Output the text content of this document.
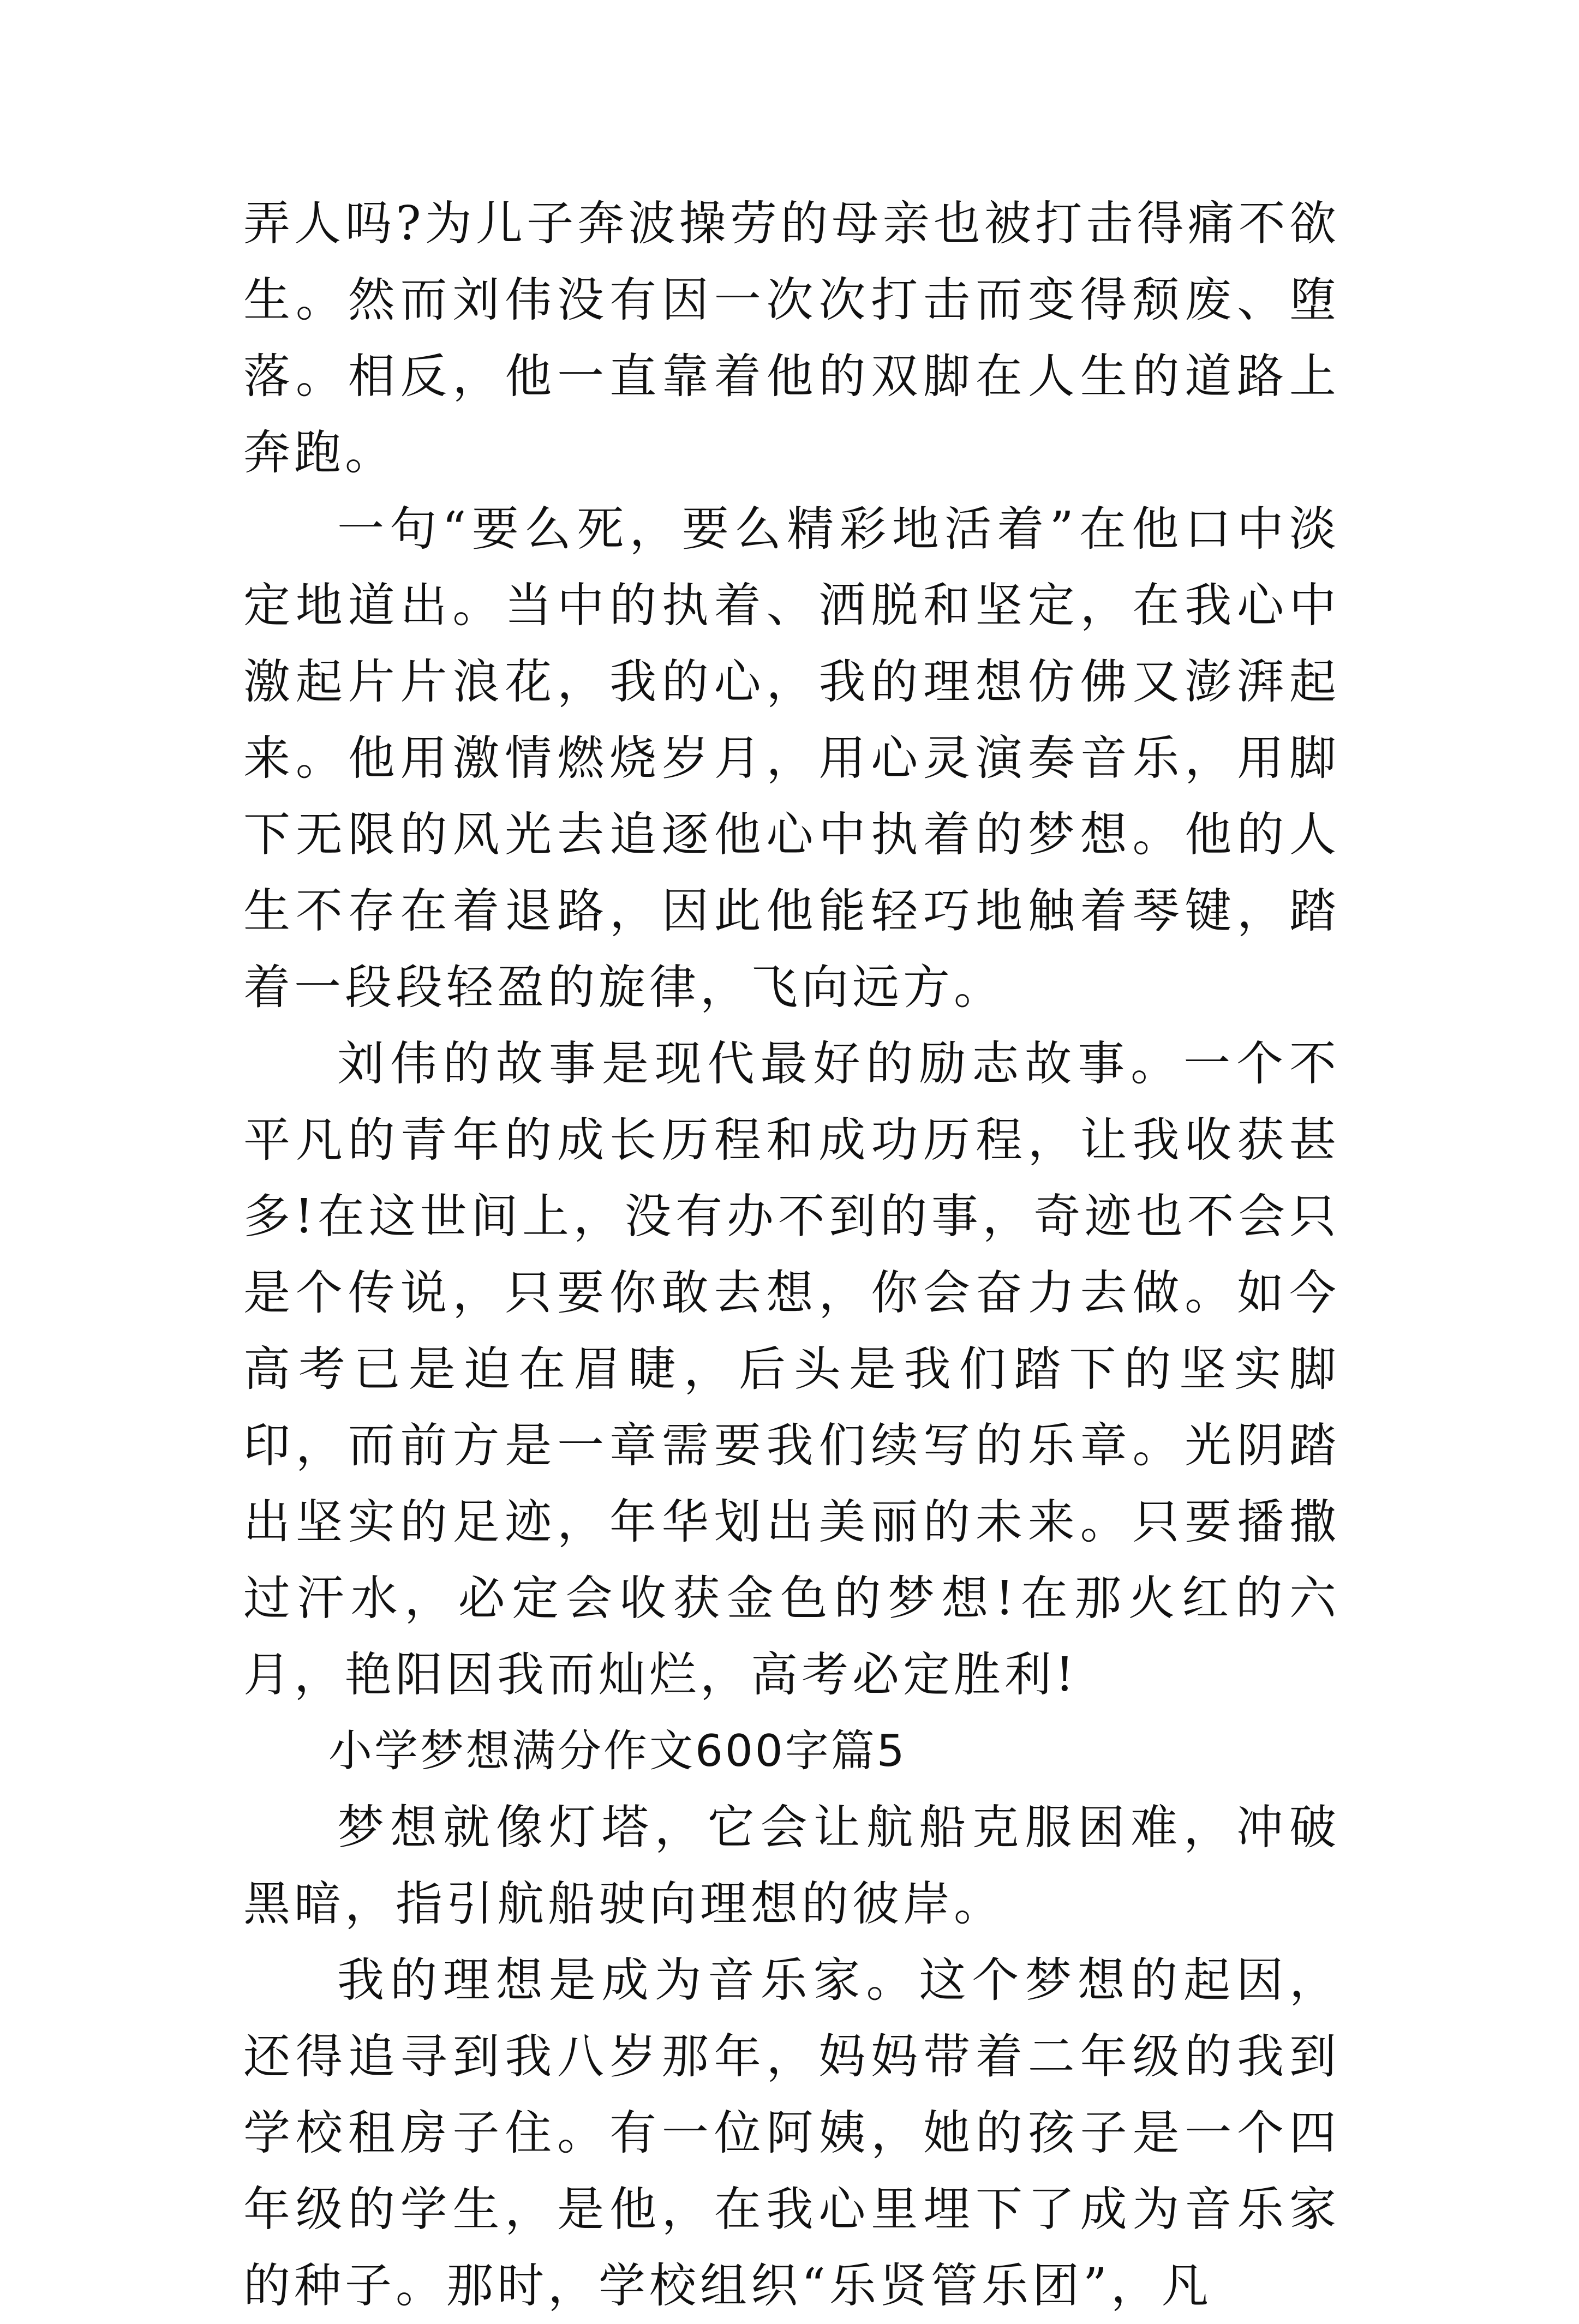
弄人吗?为儿子奔波操劳的母亲也被打击得痛不欲生。然而刘伟没有因一次次打击而变得颓废、堕落。相反，他一直靠着他的双脚在人生的道路上奔跑。

一句“要么死，要么精彩地活着”在他口中淡定地道出。当中的执着、洒脱和坚定，在我心中激起片片浪花，我的心，我的理想仿佛又澎湃起来。他用激情燃烧岁月，用心灵演奏音乐，用脚下无限的风光去追逐他心中执着的梦想。他的人生不存在着退路，因此他能轻巧地触着琴键，踏着一段段轻盈的旋律，飞向远方。

刘伟的故事是现代最好的励志故事。一个不平凡的青年的成长历程和成功历程，让我收获甚多!在这世间上，没有办不到的事，奇迹也不会只是个传说，只要你敢去想，你会奋力去做。如今高考已是迫在眉睫，后头是我们踏下的坚实脚印，而前方是一章需要我们续写的乐章。光阴踏出坚实的足迹，年华划出美丽的未来。只要播撒过汗水，必定会收获金色的梦想!在那火红的六月，艳阳因我而灿烂，高考必定胜利!

小学梦想满分作文600字篇5

梦想就像灯塔，它会让航船克服困难，冲破黑暗，指引航船驶向理想的彼岸。

我的理想是成为音乐家。这个梦想的起因，还得追寻到我八岁那年，妈妈带着二年级的我到学校租房子住。有一位阿姨，她的孩子是一个四年级的学生，是他，在我心里埋下了成为音乐家的种子。那时，学校组织“乐贤管乐团”，凡
